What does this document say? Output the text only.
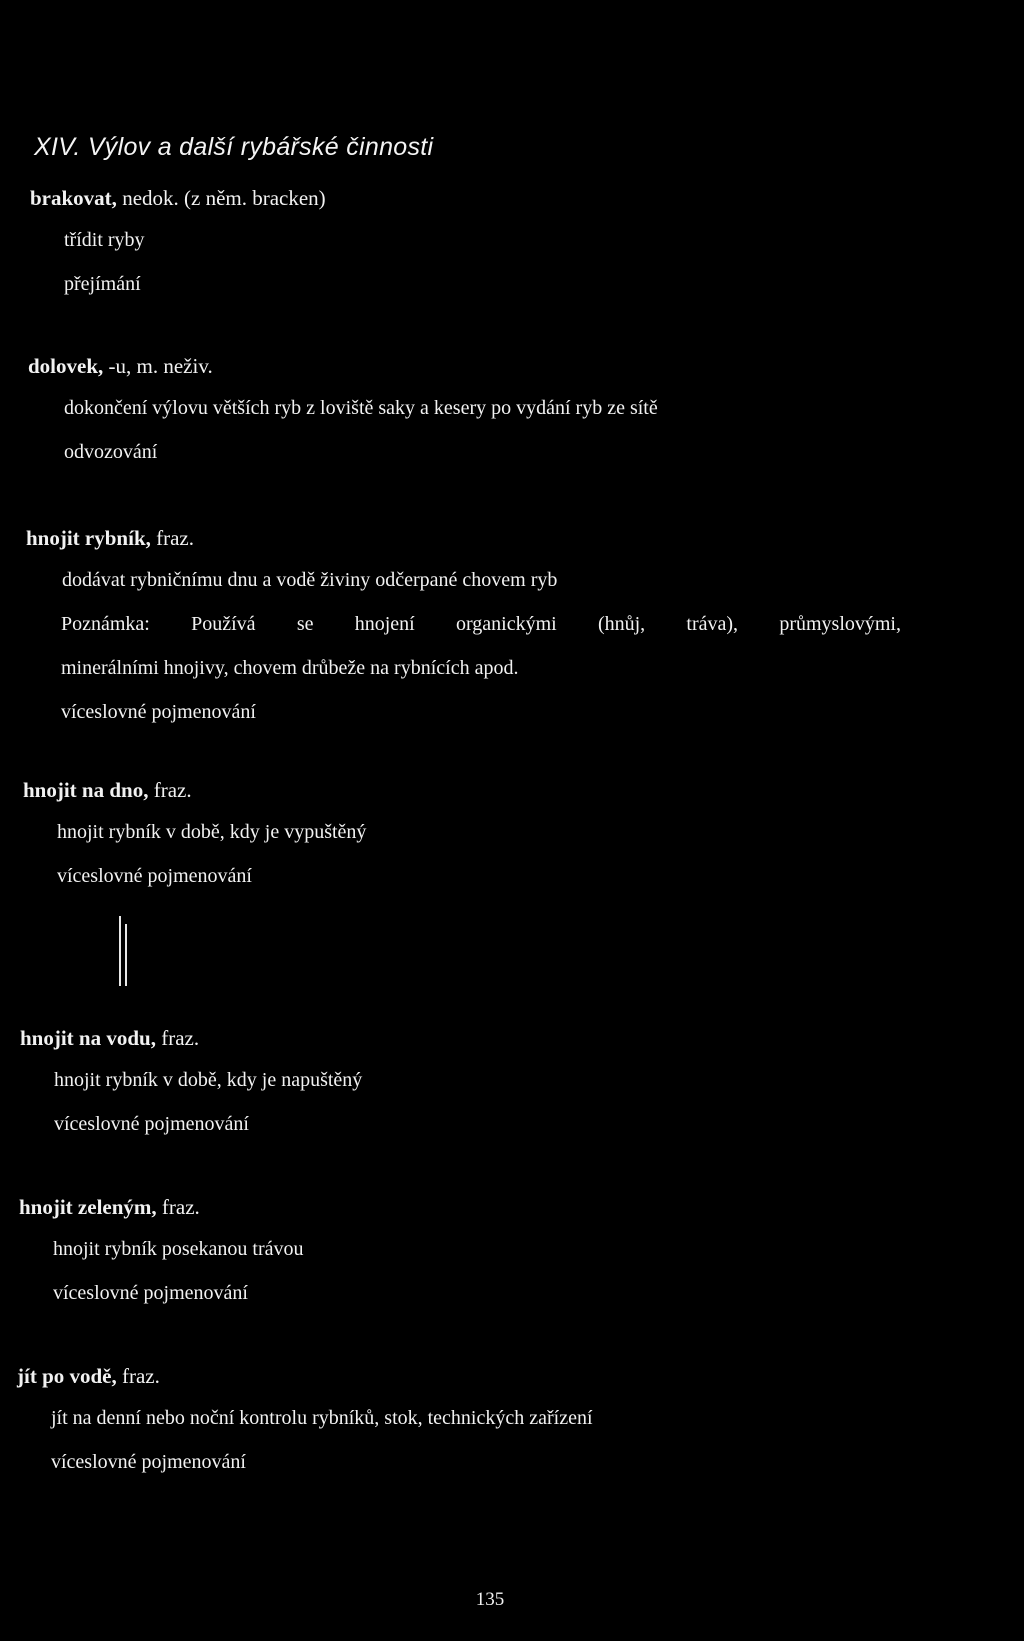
XIV. Výlov a další rybářské činnosti
brakovat, nedok. (z něm. bracken)
třídit ryby
přejímání
dolovek, -u, m. neživ.
dokončení výlovu větších ryb z loviště saky a kesery po vydání ryb ze sítě
odvozování
hnojit rybník, fraz.
dodávat rybničnímu dnu a vodě živiny odčerpané chovem ryb
Poznámka: Používá se hnojení organickými (hnůj, tráva), průmyslovými,
minerálními hnojivy, chovem drůbeže na rybnících apod.
víceslovné pojmenování
hnojit na dno, fraz.
hnojit rybník v době, kdy je vypuštěný
víceslovné pojmenování
hnojit na vodu, fraz.
hnojit rybník v době, kdy je napuštěný
víceslovné pojmenování
hnojit zeleným, fraz.
hnojit rybník posekanou trávou
víceslovné pojmenování
jít po vodě, fraz.
jít na denní nebo noční kontrolu rybníků, stok, technických zařízení
víceslovné pojmenování
135
